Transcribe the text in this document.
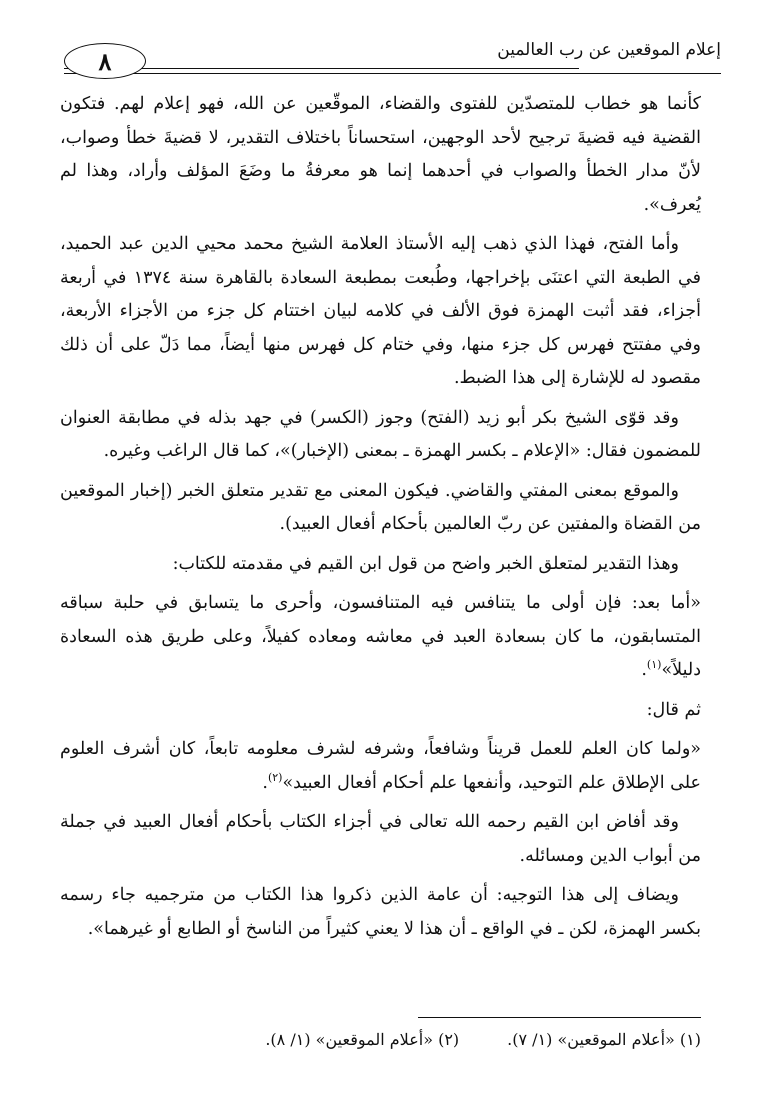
إعلام الموقعين عن رب العالمين
٨

كأنما هو خطاب للمتصدّين للفتوى والقضاء، الموقّعين عن الله، فهو إعلام لهم. فتكون القضية فيه قضيةَ ترجيح لأحد الوجهين، استحساناً باختلاف التقدير، لا قضيةَ خطأ وصواب، لأنّ مدار الخطأ والصواب في أحدهما إنما هو معرفةُ ما وضَعَ المؤلف وأراد، وهذا لم يُعرف».

وأما الفتح، فهذا الذي ذهب إليه الأستاذ العلامة الشيخ محمد محيي الدين عبد الحميد، في الطبعة التي اعتنَى بإخراجها، وطُبعت بمطبعة السعادة بالقاهرة سنة ١٣٧٤ في أربعة أجزاء، فقد أثبت الهمزة فوق الألف في كلامه لبيان اختتام كل جزء من الأجزاء الأربعة، وفي مفتتح فهرس كل جزء منها، وفي ختام كل فهرس منها أيضاً، مما دَلّ على أن ذلك مقصود له للإشارة إلى هذا الضبط.

وقد قوّى الشيخ بكر أبو زيد (الفتح) وجوز (الكسر) في جهد بذله في مطابقة العنوان للمضمون فقال: «الإعلام ـ بكسر الهمزة ـ بمعنى (الإخبار)»، كما قال الراغب وغيره.

والموقع بمعنى المفتي والقاضي. فيكون المعنى مع تقدير متعلق الخبر (إخبار الموقعين من القضاة والمفتين عن ربّ العالمين بأحكام أفعال العبيد).

وهذا التقدير لمتعلق الخبر واضح من قول ابن القيم في مقدمته للكتاب:

«أما بعد: فإن أولى ما يتنافس فيه المتنافسون، وأحرى ما يتسابق في حلبة سباقه المتسابقون، ما كان بسعادة العبد في معاشه ومعاده كفيلاً، وعلى طريق هذه السعادة دليلاً»$^{(١)}$.

ثم قال:

«ولما كان العلم للعمل قريناً وشافعاً، وشرفه لشرف معلومه تابعاً، كان أشرف العلوم على الإطلاق علم التوحيد، وأنفعها علم أحكام أفعال العبيد»$^{(٢)}$.

وقد أفاض ابن القيم رحمه الله تعالى في أجزاء الكتاب بأحكام أفعال العبيد في جملة من أبواب الدين ومسائله.

ويضاف إلى هذا التوجيه: أن عامة الذين ذكروا هذا الكتاب من مترجميه جاء رسمه بكسر الهمزة، لكن ـ في الواقع ـ أن هذا لا يعني كثيراً من الناسخ أو الطابع أو غيرهما».

(١) «أعلام الموقعين» (١/ ٧).
(٢) «أعلام الموقعين» (١/ ٨).
